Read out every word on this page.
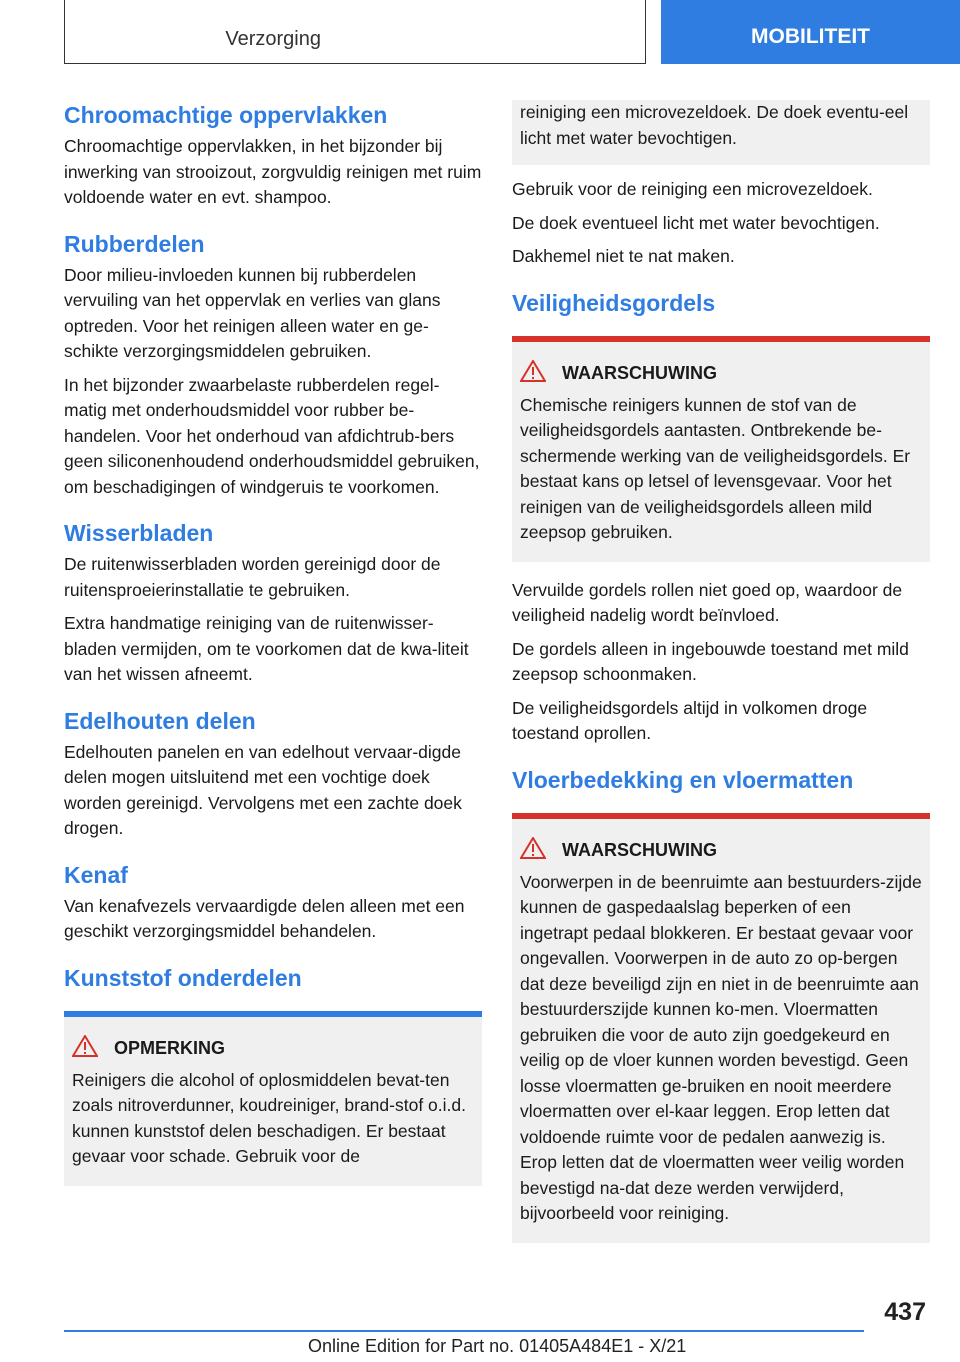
Verzorging	MOBILITEIT
Chroomachtige oppervlakken

Chroomachtige oppervlakken, in het bijzonder bij inwerking van strooizout, zorgvuldig reinigen met ruim voldoende water en evt. shampoo.

Rubberdelen

Door milieu-invloeden kunnen bij rubberdelen vervuiling van het oppervlak en verlies van glans optreden. Voor het reinigen alleen water en ge-schikte verzorgingsmiddelen gebruiken.

In het bijzonder zwaarbelaste rubberdelen regel-matig met onderhoudsmiddel voor rubber be-handelen. Voor het onderhoud van afdichtrub-bers geen siliconenhoudend onderhoudsmiddel gebruiken, om beschadigingen of windgeruis te voorkomen.

Wisserbladen

De ruitenwisserbladen worden gereinigd door de ruitensproeierinstallatie te gebruiken.

Extra handmatige reiniging van de ruitenwisser-bladen vermijden, om te voorkomen dat de kwa-liteit van het wissen afneemt.

Edelhouten delen

Edelhouten panelen en van edelhout vervaar-digde delen mogen uitsluitend met een vochtige doek worden gereinigd. Vervolgens met een zachte doek drogen.

Kenaf

Van kenafvezels vervaardigde delen alleen met een geschikt verzorgingsmiddel behandelen.

Kunststof onderdelen
OPMERKING

Reinigers die alcohol of oplosmiddelen bevat-ten zoals nitroverdunner, koudreiniger, brand-stof o.i.d. kunnen kunststof delen beschadigen. Er bestaat gevaar voor schade. Gebruik voor de

reiniging een microvezeldoek. De doek eventu-eel licht met water bevochtigen.

Gebruik voor de reiniging een microvezeldoek.

De doek eventueel licht met water bevochtigen.

Dakhemel niet te nat maken.

Veiligheidsgordels
WAARSCHUWING

Chemische reinigers kunnen de stof van de veiligheidsgordels aantasten. Ontbrekende be-schermende werking van de veiligheidsgordels. Er bestaat kans op letsel of levensgevaar. Voor het reinigen van de veiligheidsgordels alleen mild zeepsop gebruiken.

Vervuilde gordels rollen niet goed op, waardoor de veiligheid nadelig wordt beïnvloed.

De gordels alleen in ingebouwde toestand met mild zeepsop schoonmaken.

De veiligheidsgordels altijd in volkomen droge toestand oprollen.

Vloerbedekking en vloermatten
WAARSCHUWING

Voorwerpen in de beenruimte aan bestuurders-zijde kunnen de gaspedaalslag beperken of een ingetrapt pedaal blokkeren. Er bestaat gevaar voor ongevallen. Voorwerpen in de auto zo op-bergen dat deze beveiligd zijn en niet in de beenruimte aan bestuurderszijde kunnen ko-men. Vloermatten gebruiken die voor de auto zijn goedgekeurd en veilig op de vloer kunnen worden bevestigd. Geen losse vloermatten ge-bruiken en nooit meerdere vloermatten over el-kaar leggen. Erop letten dat voldoende ruimte voor de pedalen aanwezig is. Erop letten dat de vloermatten weer veilig worden bevestigd na-dat deze werden verwijderd, bijvoorbeeld voor reiniging.

437
Online Edition for Part no. 01405A484E1 - X/21
